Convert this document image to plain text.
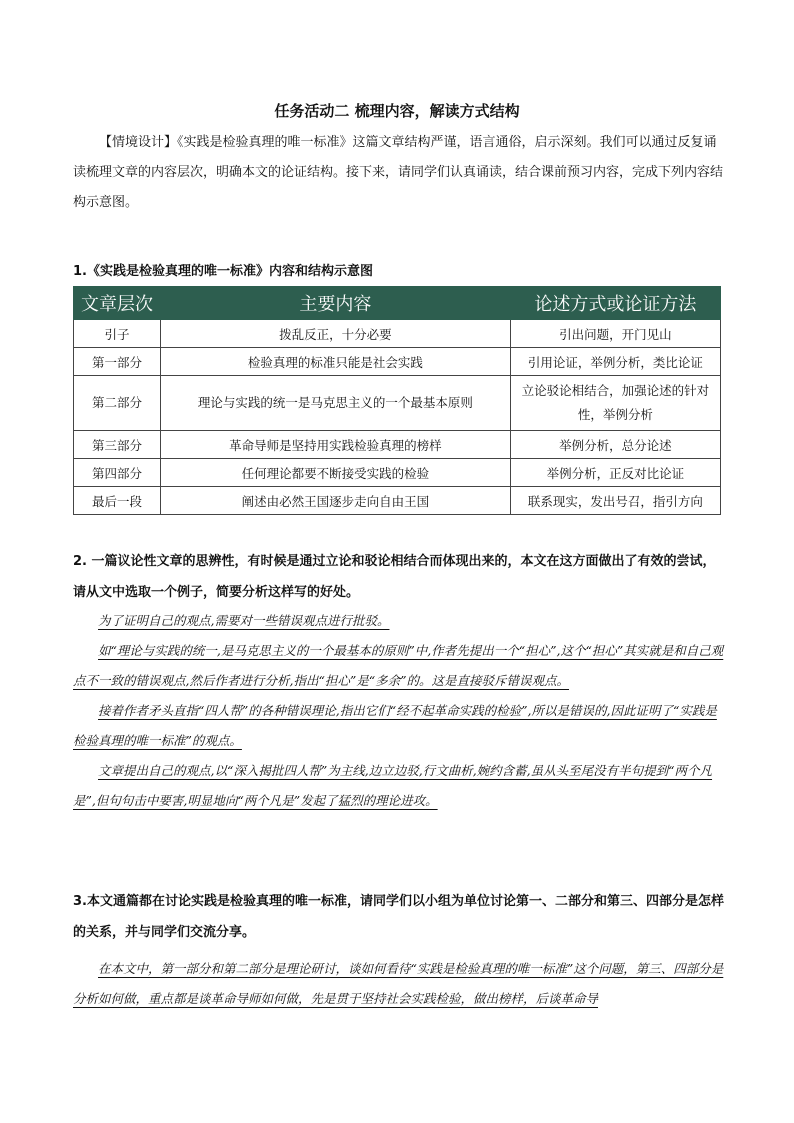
任务活动二 梳理内容，解读方式结构
【情境设计】《实践是检验真理的唯一标准》这篇文章结构严谨，语言通俗，启示深刻。我们可以通过反复诵读梳理文章的内容层次，明确本文的论证结构。接下来，请同学们认真诵读，结合课前预习内容，完成下列内容结构示意图。
1.《实践是检验真理的唯一标准》内容和结构示意图
文章层次	主要内容	论述方式或论证方法
引子	拨乱反正，十分必要	引出问题，开门见山
第一部分	检验真理的标准只能是社会实践	引用论证，举例分析，类比论证
第二部分	理论与实践的统一是马克思主义的一个最基本原则	立论驳论相结合，加强论述的针对性，举例分析
第三部分	革命导师是坚持用实践检验真理的榜样	举例分析，总分论述
第四部分	任何理论都要不断接受实践的检验	举例分析，正反对比论证
最后一段	阐述由必然王国逐步走向自由王国	联系现实，发出号召，指引方向
2. 一篇议论性文章的思辨性，有时候是通过立论和驳论相结合而体现出来的，本文在这方面做出了有效的尝试，请从文中选取一个例子，简要分析这样写的好处。

为了证明自己的观点,需要对一些错误观点进行批驳。

如“理论与实践的统一,是马克思主义的一个最基本的原则”中,作者先提出一个“担心”,这个“担心”其实就是和自己观点不一致的错误观点,然后作者进行分析,指出“担心”是“多余”的。这是直接驳斥错误观点。

接着作者矛头直指“四人帮”的各种错误理论,指出它们“经不起革命实践的检验”,所以是错误的,因此证明了“实践是检验真理的唯一标准”的观点。

文章提出自己的观点,以“深入揭批四人帮”为主线,边立边驳,行文曲析,婉约含蓄,虽从头至尾没有半句提到“两个凡是”,但句句击中要害,明显地向“两个凡是”发起了猛烈的理论进攻。

3.本文通篇都在讨论实践是检验真理的唯一标准，请同学们以小组为单位讨论第一、二部分和第三、四部分是怎样的关系，并与同学们交流分享。

在本文中，第一部分和第二部分是理论研讨，谈如何看待“实践是检验真理的唯一标准”这个问题，第三、四部分是分析如何做，重点都是谈革命导师如何做，先是贯于坚持社会实践检验，做出榜样，后谈革命导
